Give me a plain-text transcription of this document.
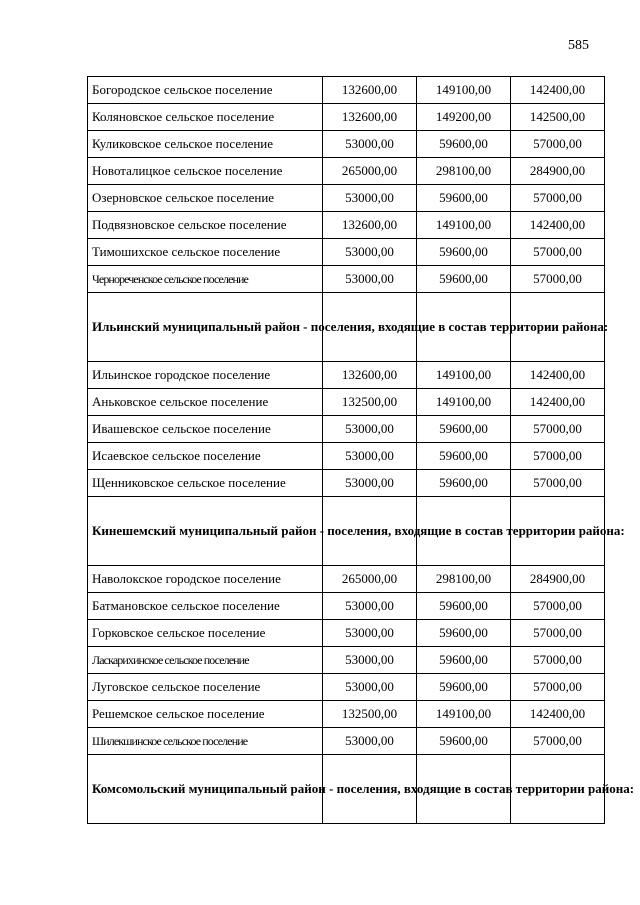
585
Богородское сельское поселение	132600,00	149100,00	142400,00
Коляновское сельское поселение	132600,00	149200,00	142500,00
Куликовское сельское поселение	53000,00	59600,00	57000,00
Новоталицкое сельское поселение	265000,00	298100,00	284900,00
Озерновское сельское поселение	53000,00	59600,00	57000,00
Подвязновское сельское поселение	132600,00	149100,00	142400,00
Тимошихское сельское поселение	53000,00	59600,00	57000,00
Чернореченское сельское поселение	53000,00	59600,00	57000,00
Ильинский муниципальный район - поселения, входящие в состав территории района:			
Ильинское городское поселение	132600,00	149100,00	142400,00
Аньковское сельское поселение	132500,00	149100,00	142400,00
Ивашевское сельское поселение	53000,00	59600,00	57000,00
Исаевское сельское поселение	53000,00	59600,00	57000,00
Щенниковское сельское поселение	53000,00	59600,00	57000,00
Кинешемский муниципальный район - поселения, входящие в состав территории района:			
Наволокское городское поселение	265000,00	298100,00	284900,00
Батмановское сельское поселение	53000,00	59600,00	57000,00
Горковское сельское поселение	53000,00	59600,00	57000,00
Ласкарихинское сельское поселение	53000,00	59600,00	57000,00
Луговское сельское поселение	53000,00	59600,00	57000,00
Решемское сельское поселение	132500,00	149100,00	142400,00
Шилекшинское сельское поселение	53000,00	59600,00	57000,00
Комсомольский муниципальный район - поселения, входящие в состав территории района:			
